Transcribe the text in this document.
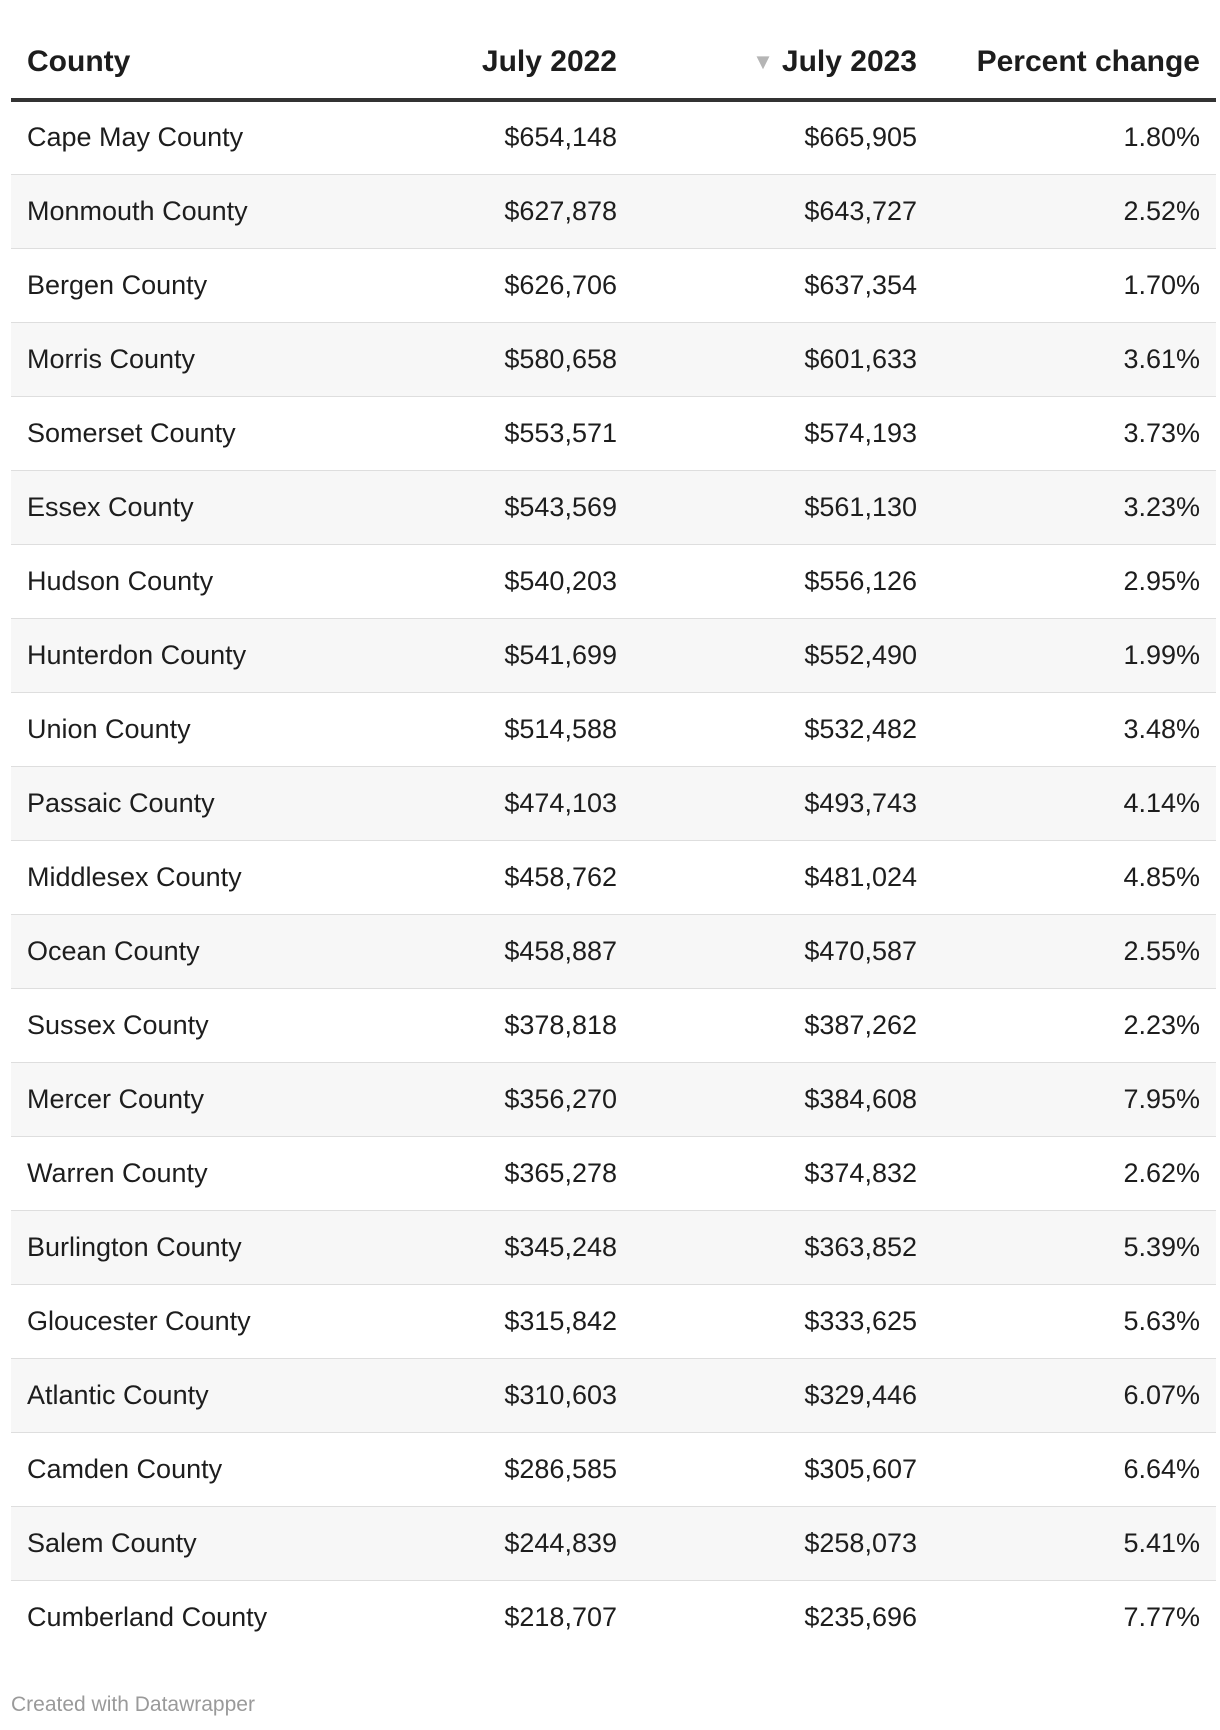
County	July 2022	▼ July 2023	Percent change
Cape May County	$654,148	$665,905	1.80%
Monmouth County	$627,878	$643,727	2.52%
Bergen County	$626,706	$637,354	1.70%
Morris County	$580,658	$601,633	3.61%
Somerset County	$553,571	$574,193	3.73%
Essex County	$543,569	$561,130	3.23%
Hudson County	$540,203	$556,126	2.95%
Hunterdon County	$541,699	$552,490	1.99%
Union County	$514,588	$532,482	3.48%
Passaic County	$474,103	$493,743	4.14%
Middlesex County	$458,762	$481,024	4.85%
Ocean County	$458,887	$470,587	2.55%
Sussex County	$378,818	$387,262	2.23%
Mercer County	$356,270	$384,608	7.95%
Warren County	$365,278	$374,832	2.62%
Burlington County	$345,248	$363,852	5.39%
Gloucester County	$315,842	$333,625	5.63%
Atlantic County	$310,603	$329,446	6.07%
Camden County	$286,585	$305,607	6.64%
Salem County	$244,839	$258,073	5.41%
Cumberland County	$218,707	$235,696	7.77%
Created with Datawrapper
